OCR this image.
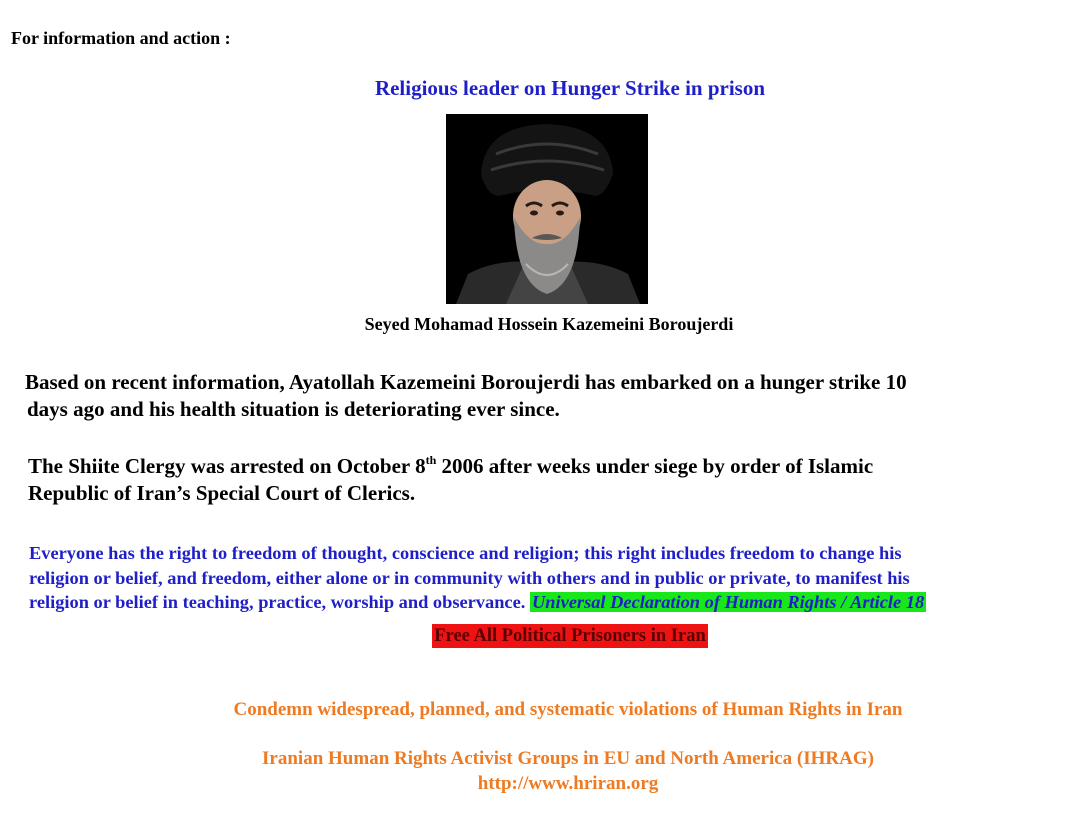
For information and action :
Religious leader on Hunger Strike in prison
Seyed Mohamad Hossein Kazemeini Boroujerdi
Based on recent information, Ayatollah Kazemeini Boroujerdi has embarked on a hunger strike 10
days ago and his health situation is deteriorating ever since.
The Shiite Clergy was arrested on October 8th 2006 after weeks under siege by order of Islamic
Republic of Iran’s Special Court of Clerics.
Everyone has the right to freedom of thought, conscience and religion; this right includes freedom to change his
religion or belief, and freedom, either alone or in community with others and in public or private, to manifest his
religion or belief in teaching, practice, worship and observance. Universal Declaration of Human Rights / Article 18
Free All Political Prisoners in Iran
Condemn widespread, planned, and systematic violations of Human Rights in Iran
Iranian Human Rights Activist Groups in EU and North America (IHRAG)
http://www.hriran.org
